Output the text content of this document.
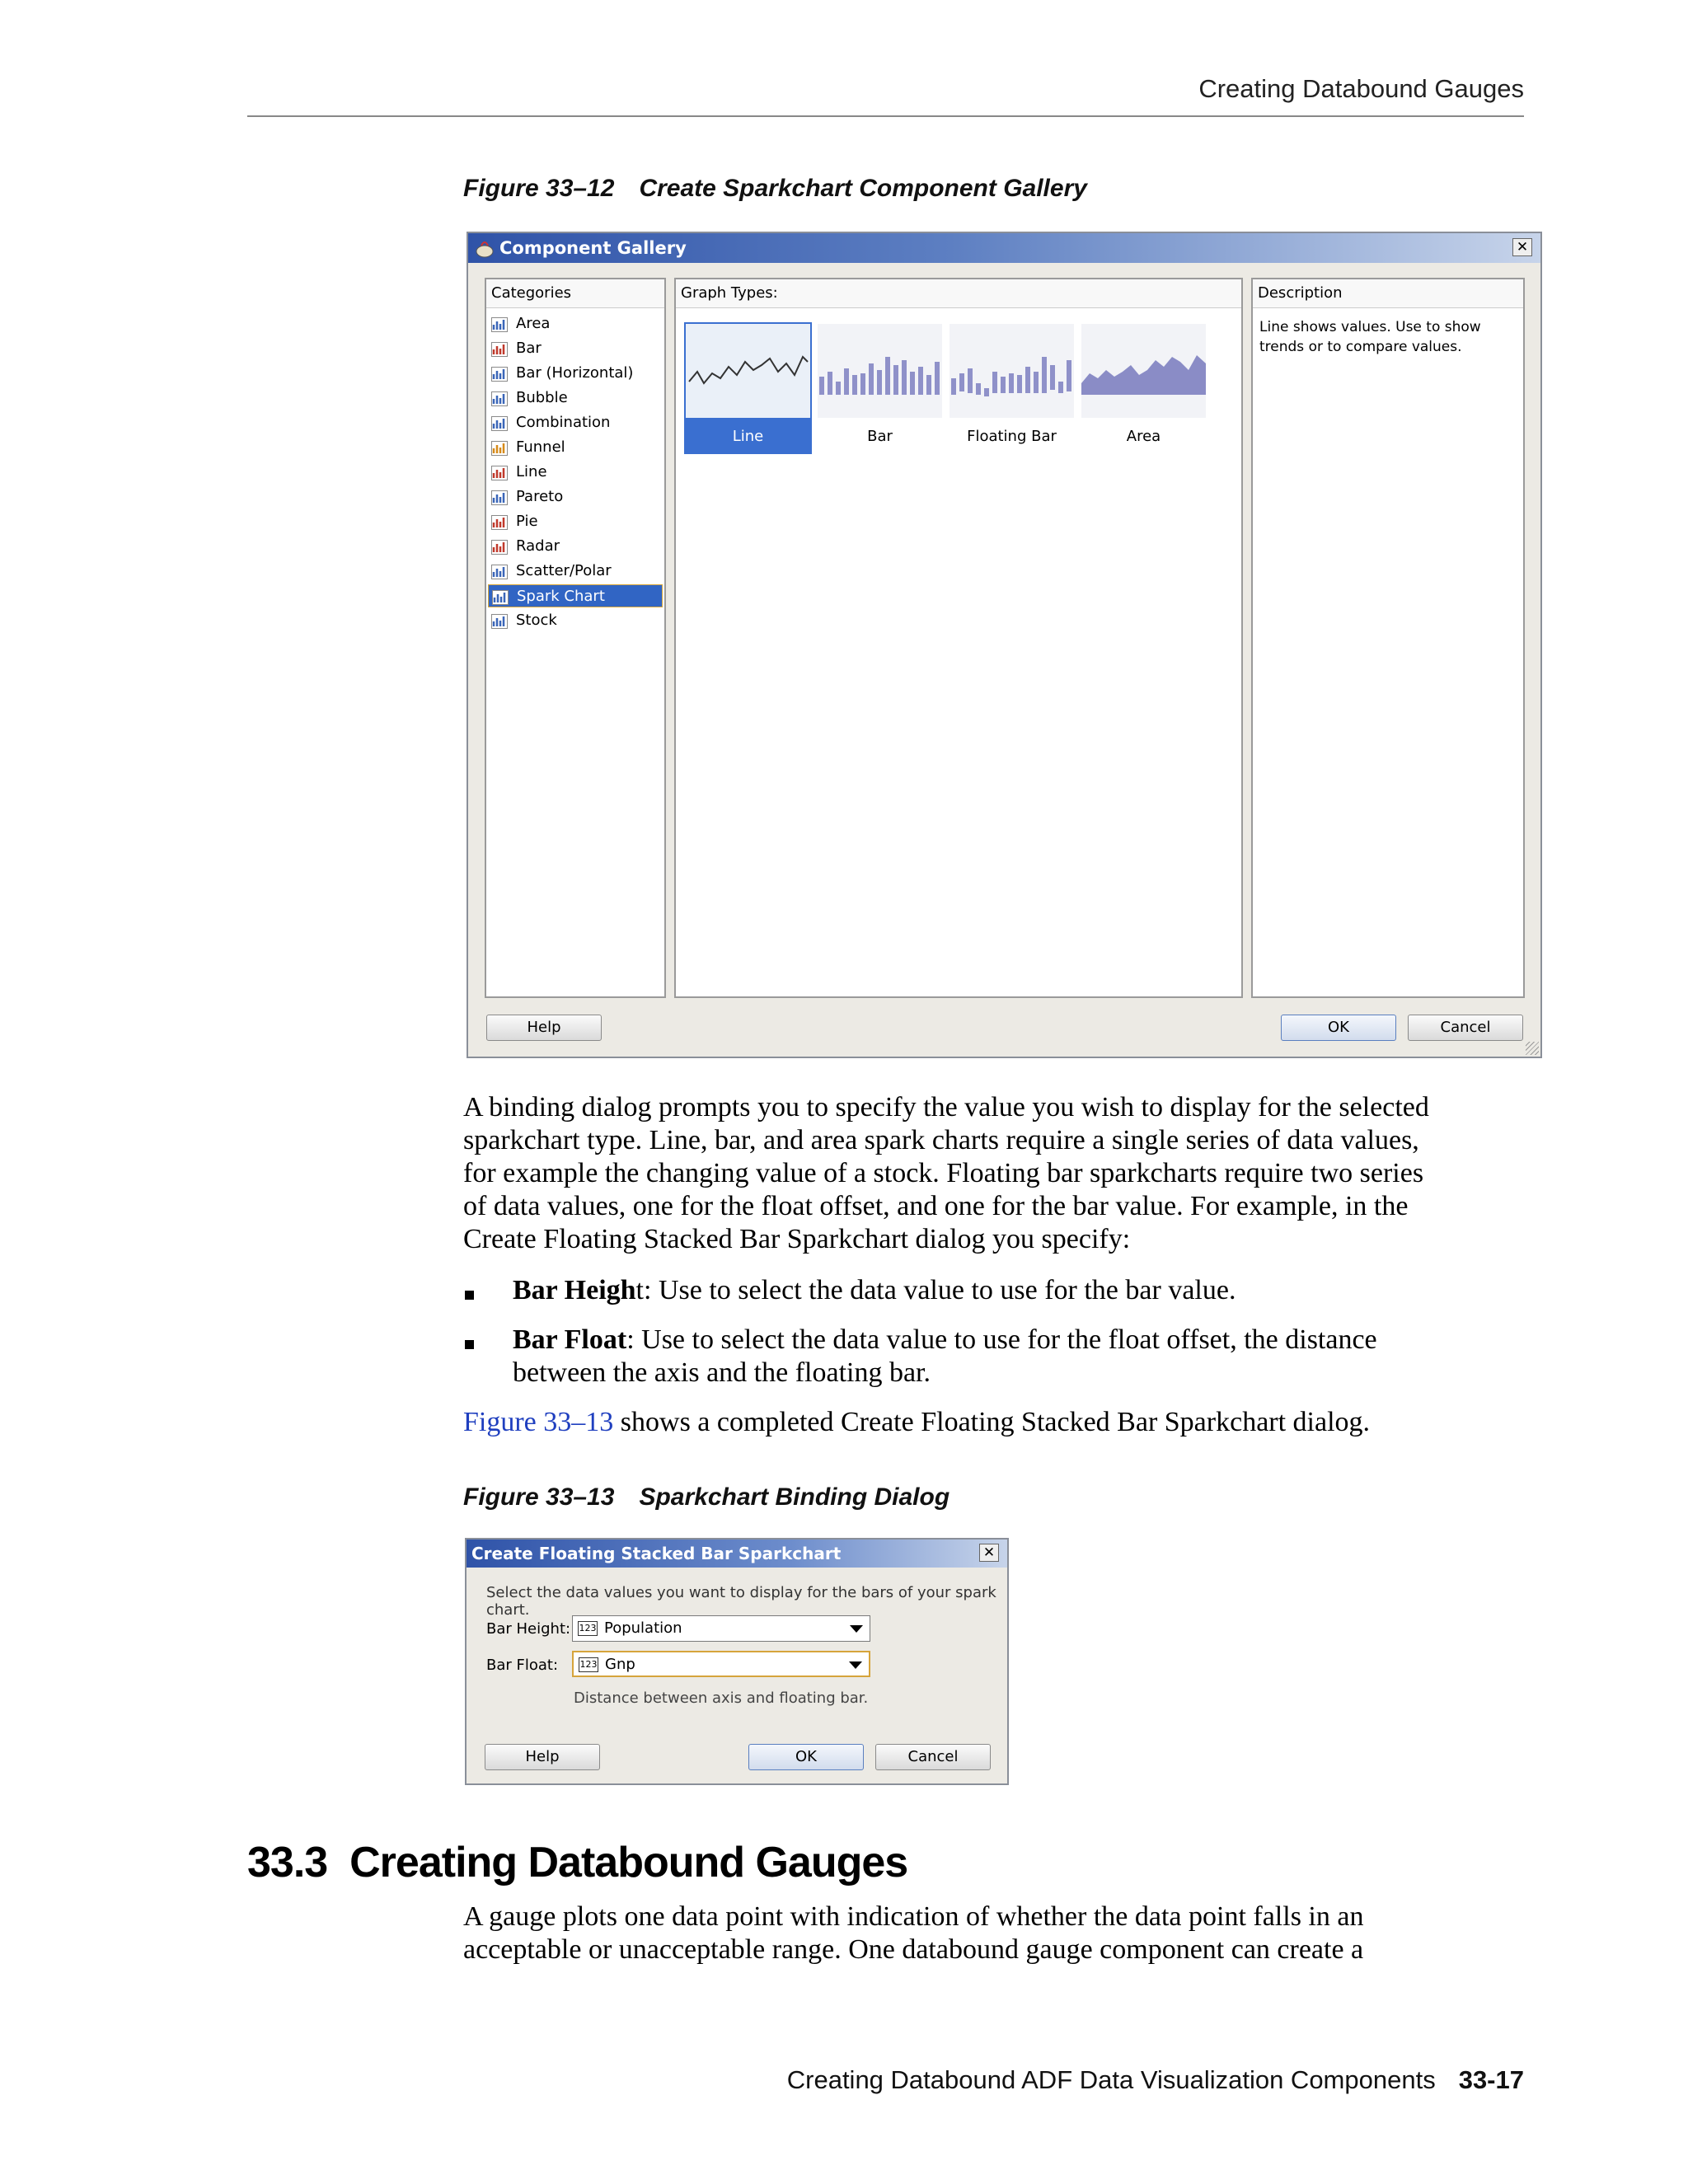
Creating Databound Gauges
Figure 33–12 Create Sparkchart Component Gallery
Component Gallery	✕
Categories
Area
Bar
Bar (Horizontal)
Bubble
Combination
Funnel
Line
Pareto
Pie
Radar
Scatter/Polar
Spark Chart
Stock
Graph Types:
Line	Bar	Floating Bar	Area
Description
Line shows values. Use to show
trends or to compare values.
Help	OK	Cancel
A binding dialog prompts you to specify the value you wish to display for the selected
sparkchart type. Line, bar, and area spark charts require a single series of data values,
for example the changing value of a stock. Floating bar sparkcharts require two series
of data values, one for the float offset, and one for the bar value. For example, in the
Create Floating Stacked Bar Sparkchart dialog you specify:
Bar Height: Use to select the data value to use for the bar value.
Bar Float: Use to select the data value to use for the float offset, the distance
between the axis and the floating bar.
Figure 33–13 shows a completed Create Floating Stacked Bar Sparkchart dialog.
Figure 33–13 Sparkchart Binding Dialog
Create Floating Stacked Bar Sparkchart	✕
Select the data values you want to display for the bars of your spark chart.
Bar Height: 123 Population
Bar Float: 123 Gnp
Distance between axis and floating bar.
Help	OK	Cancel
33.3 Creating Databound Gauges
A gauge plots one data point with indication of whether the data point falls in an
acceptable or unacceptable range. One databound gauge component can create a
Creating Databound ADF Data Visualization Components 33-17
